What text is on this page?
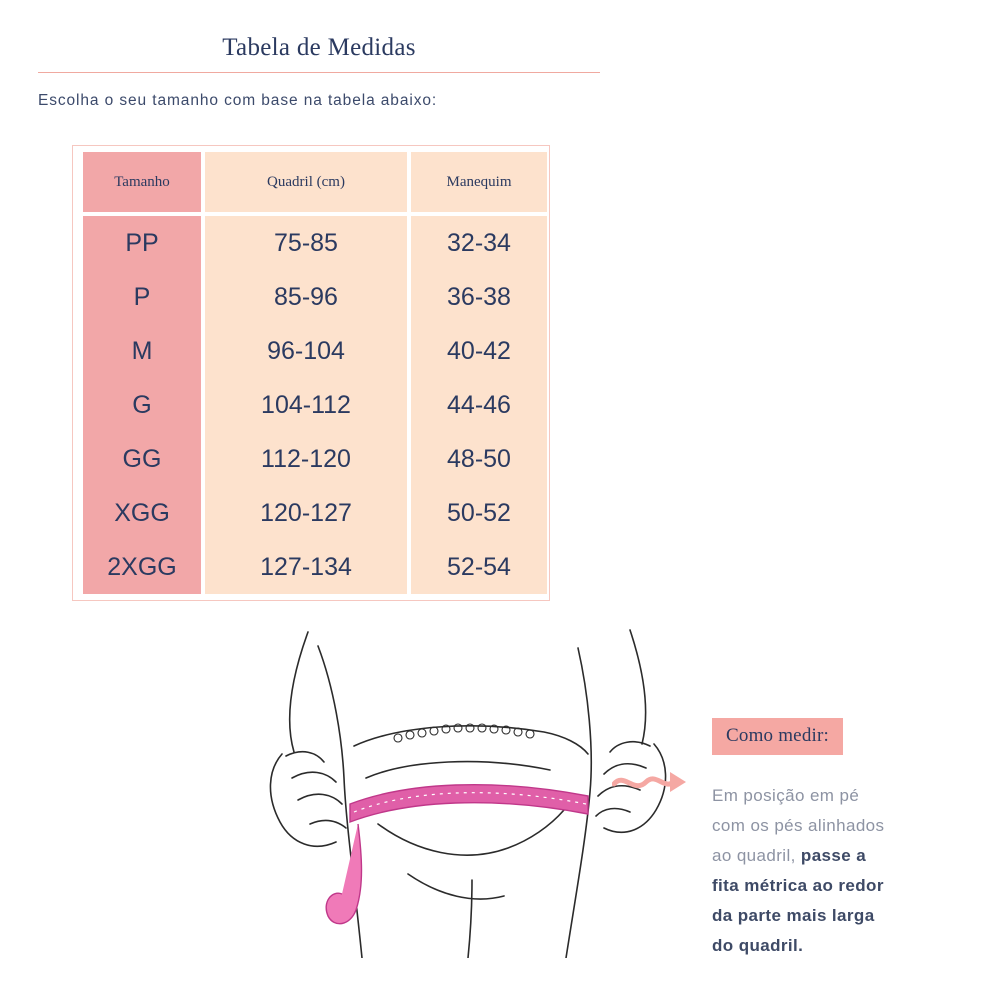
Tabela de Medidas
Escolha o seu tamanho com base na tabela abaixo:
Tamanho	Quadril (cm)	Manequim

PP	75-85	32-34
P	85-96	36-38
M	96-104	40-42
G	104-112	44-46
GG	112-120	48-50
XGG	120-127	50-52
2XGG	127-134	52-54
Como medir:
Em posição em pé
com os pés alinhados
ao quadril, passe a
fita métrica ao redor
da parte mais larga
do quadril.
